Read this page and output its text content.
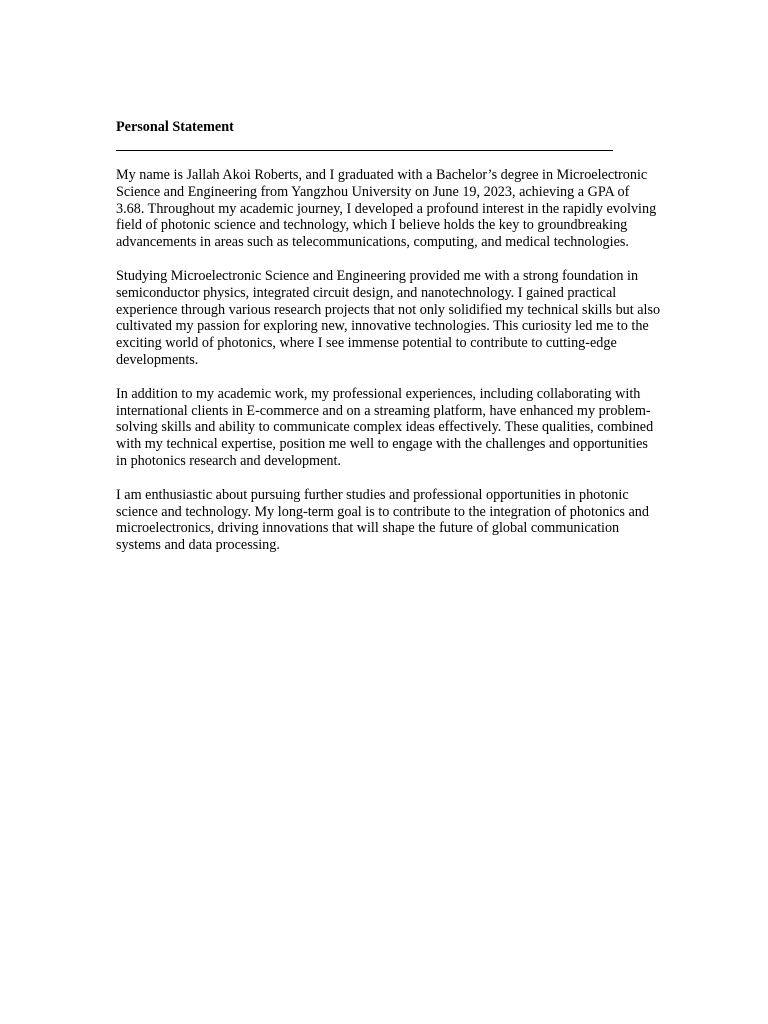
Personal Statement

My name is Jallah Akoi Roberts, and I graduated with a Bachelor’s degree in Microelectronic Science and Engineering from Yangzhou University on June 19, 2023, achieving a GPA of 3.68. Throughout my academic journey, I developed a profound interest in the rapidly evolving field of photonic science and technology, which I believe holds the key to groundbreaking advancements in areas such as telecommunications, computing, and medical technologies.

Studying Microelectronic Science and Engineering provided me with a strong foundation in semiconductor physics, integrated circuit design, and nanotechnology. I gained practical experience through various research projects that not only solidified my technical skills but also cultivated my passion for exploring new, innovative technologies. This curiosity led me to the exciting world of photonics, where I see immense potential to contribute to cutting-edge developments.

In addition to my academic work, my professional experiences, including collaborating with international clients in E-commerce and on a streaming platform, have enhanced my problem-solving skills and ability to communicate complex ideas effectively. These qualities, combined with my technical expertise, position me well to engage with the challenges and opportunities in photonics research and development.

I am enthusiastic about pursuing further studies and professional opportunities in photonic science and technology. My long-term goal is to contribute to the integration of photonics and microelectronics, driving innovations that will shape the future of global communication systems and data processing.
